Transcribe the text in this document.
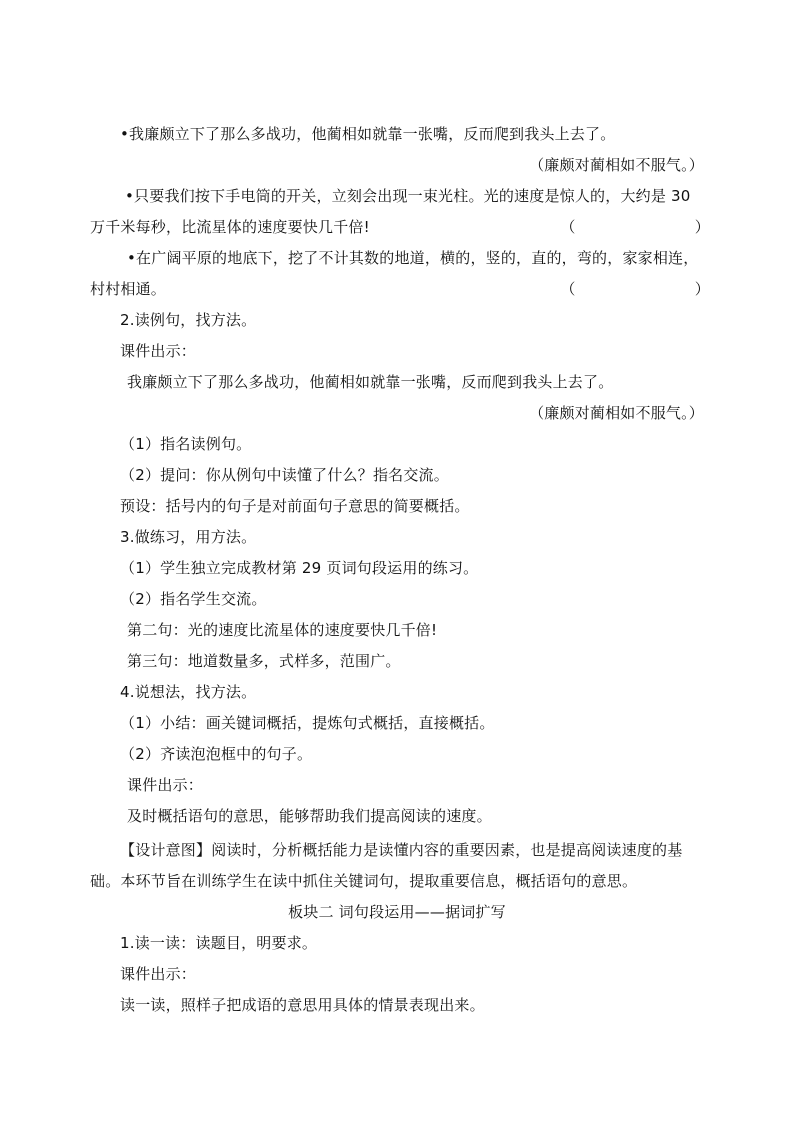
•我廉颇立下了那么多战功，他蔺相如就靠一张嘴，反而爬到我头上去了。
（廉颇对蔺相如不服气。）
•只要我们按下手电筒的开关，立刻会出现一束光柱。光的速度是惊人的，大约是 30
万千米每秒，比流星体的速度要快几千倍!	（                        ）
•在广阔平原的地底下，挖了不计其数的地道，横的，竖的，直的，弯的，家家相连，
村村相通。	（                        ）
2.读例句，找方法。
课件出示：
我廉颇立下了那么多战功，他蔺相如就靠一张嘴，反而爬到我头上去了。
（廉颇对蔺相如不服气。）
（1）指名读例句。
（2）提问：你从例句中读懂了什么？指名交流。
预设：括号内的句子是对前面句子意思的简要概括。
3.做练习，用方法。
（1）学生独立完成教材第 29 页词句段运用的练习。
（2）指名学生交流。
第二句：光的速度比流星体的速度要快几千倍!
第三句：地道数量多，式样多，范围广。
4.说想法，找方法。
（1）小结：画关键词概括，提炼句式概括，直接概括。
（2）齐读泡泡框中的句子。
课件出示：
及时概括语句的意思，能够帮助我们提高阅读的速度。
【设计意图】阅读时，分析概括能力是读懂内容的重要因素，也是提高阅读速度的基
础。本环节旨在训练学生在读中抓住关键词句，提取重要信息，概括语句的意思。
板块二 词句段运用——据词扩写
1.读一读：读题目，明要求。
课件出示：
读一读，照样子把成语的意思用具体的情景表现出来。
